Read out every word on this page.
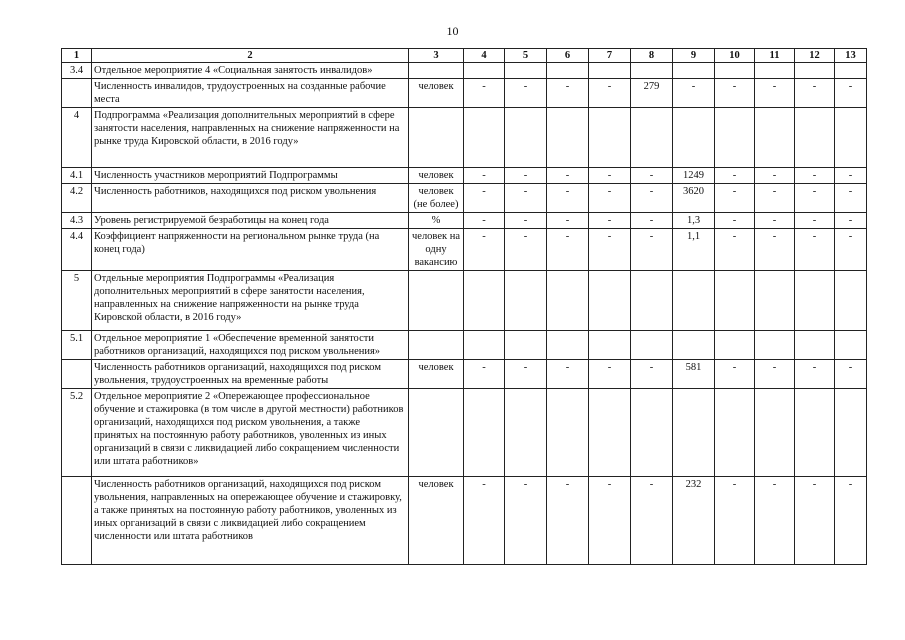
10
1	2	3	4	5	6	7	8	9	10	11	12	13
3.4	Отдельное мероприятие 4 «Социальная занятость инвалидов»											
	Численность инвалидов, трудоустроенных на созданные рабочие места	человек	-	-	-	-	279	-	-	-	-	-
4	Подпрограмма «Реализация дополнительных мероприятий в сфере занятости населения, направленных на снижение напряженности на рынке труда Кировской области, в 2016 году»											
4.1	Численность участников мероприятий Подпрограммы	человек	-	-	-	-	-	1249	-	-	-	-
4.2	Численность работников, находящихся под риском увольнения	человек (не более)	-	-	-	-	-	3620	-	-	-	-
4.3	Уровень регистрируемой безработицы на конец года	%	-	-	-	-	-	1,3	-	-	-	-
4.4	Коэффициент напряженности на региональном рынке труда (на конец года)	человек на одну вакансию	-	-	-	-	-	1,1	-	-	-	-
5	Отдельные мероприятия Подпрограммы «Реализация дополнительных мероприятий в сфере занятости населения, направленных на снижение напряженности на рынке труда Кировской области, в 2016 году»											
5.1	Отдельное мероприятие 1 «Обеспечение временной занятости работников организаций, находящихся под риском увольнения»											
	Численность работников организаций, находящихся под риском увольнения, трудоустроенных на временные работы	человек	-	-	-	-	-	581	-	-	-	-
5.2	Отдельное мероприятие 2 «Опережающее профессиональное обучение и стажировка (в том числе в другой местности) работников организаций, находящихся под риском увольнения, а также принятых на постоянную работу работников, уволенных из иных организаций в связи с ликвидацией либо сокращением численности или штата работников»											
	Численность работников организаций, находящихся под риском увольнения, направленных на опережающее обучение и стажировку, а также принятых на постоянную работу работников, уволенных из иных организаций в связи с ликвидацией либо сокращением численности или штата работников	человек	-	-	-	-	-	232	-	-	-	-
